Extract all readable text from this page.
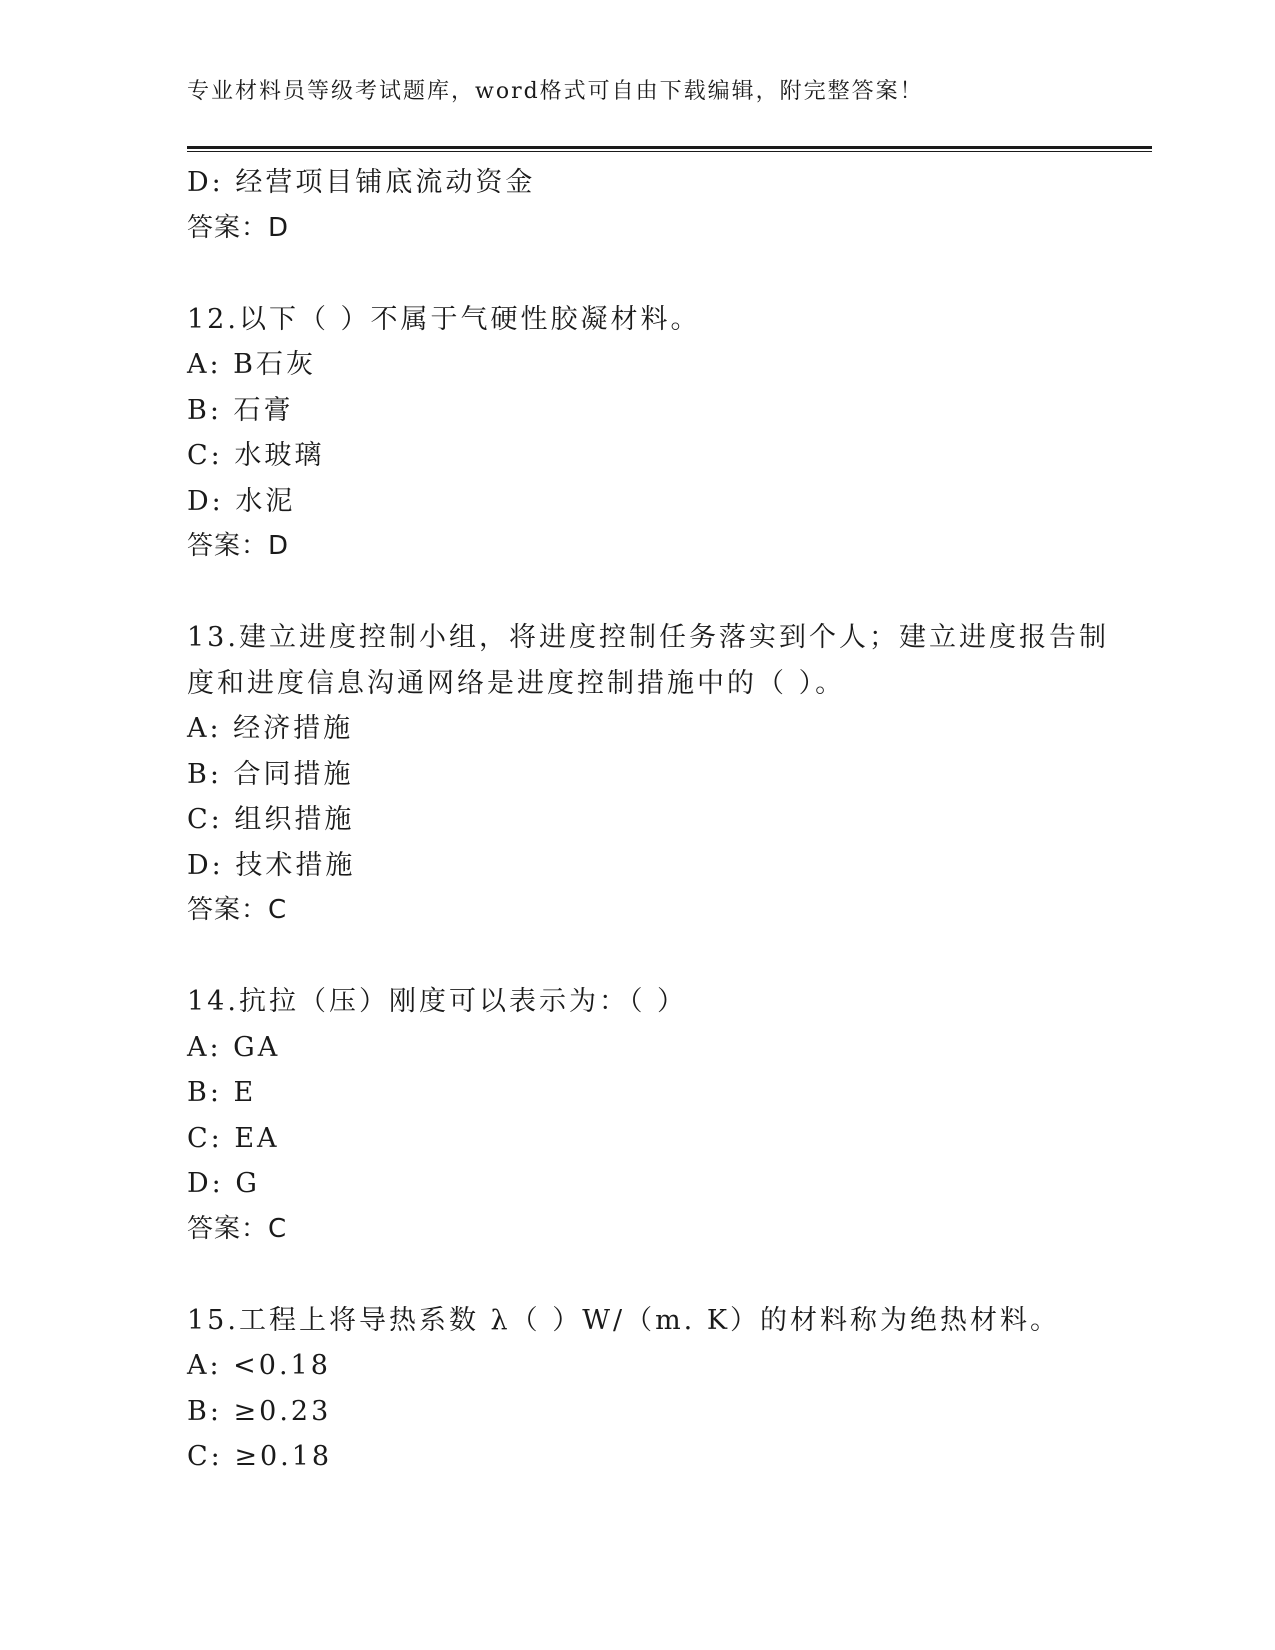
专业材料员等级考试题库，word格式可自由下载编辑，附完整答案！
D: 经营项目铺底流动资金
答案：D
12.以下（ ）不属于气硬性胶凝材料。
A: B石灰
B: 石膏
C: 水玻璃
D: 水泥
答案：D
13.建立进度控制小组，将进度控制任务落实到个人；建立进度报告制
度和进度信息沟通网络是进度控制措施中的（ ）。
A: 经济措施
B: 合同措施
C: 组织措施
D: 技术措施
答案：C
14.抗拉（压）刚度可以表示为：（ ）
A: GA
B: E
C: EA
D: G
答案：C
15.工程上将导热系数 λ（ ）W/（m. K）的材料称为绝热材料。
A: <0.18
B: ≥0.23
C: ≥0.18
